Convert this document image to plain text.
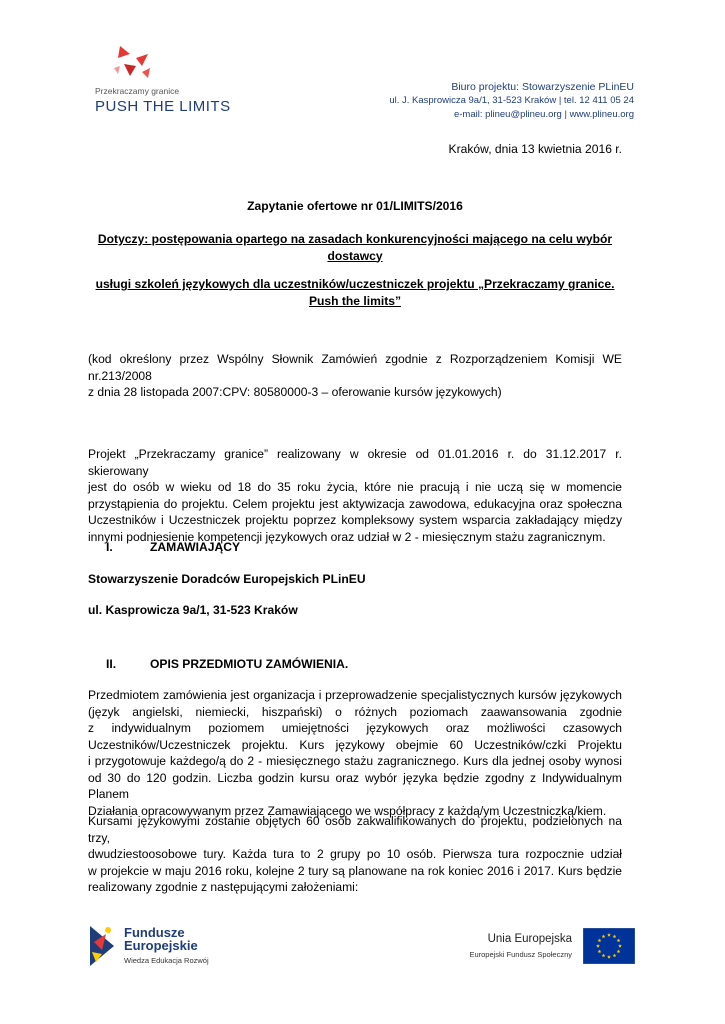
Przekraczamy granice
PUSH THE LIMITS
Biuro projektu: Stowarzyszenie PLinEU
ul. J. Kasprowicza 9a/1, 31-523 Kraków | tel. 12 411 05 24
e-mail: plineu@plineu.org | www.plineu.org
Kraków, dnia 13 kwietnia 2016 r.
Zapytanie ofertowe nr 01/LIMITS/2016
Dotyczy: postępowania opartego na zasadach konkurencyjności mającego na celu wybór
dostawcy
usługi szkoleń językowych dla uczestników/uczestniczek projektu „Przekraczamy granice.
Push the limits”
(kod określony przez Wspólny Słownik Zamówień zgodnie z Rozporządzeniem Komisji WE
nr.213/2008
z dnia 28 listopada 2007:CPV: 80580000-3 – oferowanie kursów językowych)
Projekt „Przekraczamy granice” realizowany w okresie od 01.01.2016 r. do 31.12.2017 r. skierowany
jest do osób w wieku od 18 do 35 roku życia, które nie pracują i nie uczą się w momencie
przystąpienia do projektu. Celem projektu jest aktywizacja zawodowa, edukacyjna oraz społeczna
Uczestników i Uczestniczek projektu poprzez kompleksowy system wsparcia zakładający między
innymi podniesienie kompetencji językowych oraz udział w 2 - miesięcznym stażu zagranicznym.
I.	ZAMAWIAJĄCY
Stowarzyszenie Doradców Europejskich PLinEU
ul. Kasprowicza 9a/1, 31-523 Kraków
II.	OPIS PRZEDMIOTU ZAMÓWIENIA.
Przedmiotem zamówienia jest organizacja i przeprowadzenie specjalistycznych kursów językowych
(język angielski, niemiecki, hiszpański) o różnych poziomach zaawansowania zgodnie
z indywidualnym poziomem umiejętności językowych oraz możliwości czasowych
Uczestników/Uczestniczek projektu. Kurs językowy obejmie 60 Uczestników/czki Projektu
i przygotowuje każdego/ą do 2 - miesięcznego stażu zagranicznego. Kurs dla jednej osoby wynosi
od 30 do 120 godzin. Liczba godzin kursu oraz wybór języka będzie zgodny z Indywidualnym Planem
Działania opracowywanym przez Zamawiającego we współpracy z każdą/ym Uczestniczką/kiem.
Kursami językowymi zostanie objętych 60 osób zakwalifikowanych do projektu, podzielonych na trzy,
dwudziestoosobowe tury. Każda tura to 2 grupy po 10 osób. Pierwsza tura rozpocznie udział
w projekcie w maju 2016 roku, kolejne 2 tury są planowane na rok koniec 2016 i 2017. Kurs będzie
realizowany zgodnie z następującymi założeniami:
Fundusze
Europejskie
Wiedza Edukacja Rozwój
Unia Europejska
Europejski Fundusz Społeczny
